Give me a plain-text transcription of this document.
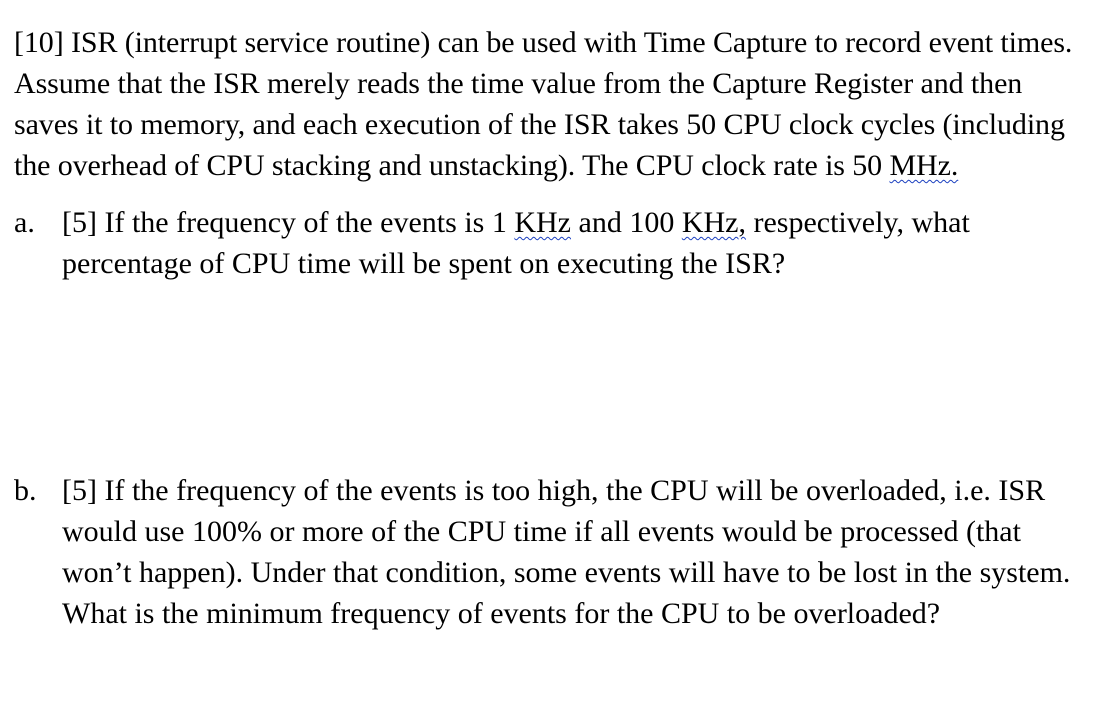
[10] ISR (interrupt service routine) can be used with Time Capture to record event times. Assume that the ISR merely reads the time value from the Capture Register and then saves it to memory, and each execution of the ISR takes 50 CPU clock cycles (including the overhead of CPU stacking and unstacking). The CPU clock rate is 50 MHz.

a. [5] If the frequency of the events is 1 KHz and 100 KHz, respectively, what percentage of CPU time will be spent on executing the ISR?

b. [5] If the frequency of the events is too high, the CPU will be overloaded, i.e. ISR would use 100% or more of the CPU time if all events would be processed (that won’t happen). Under that condition, some events will have to be lost in the system. What is the minimum frequency of events for the CPU to be overloaded?
